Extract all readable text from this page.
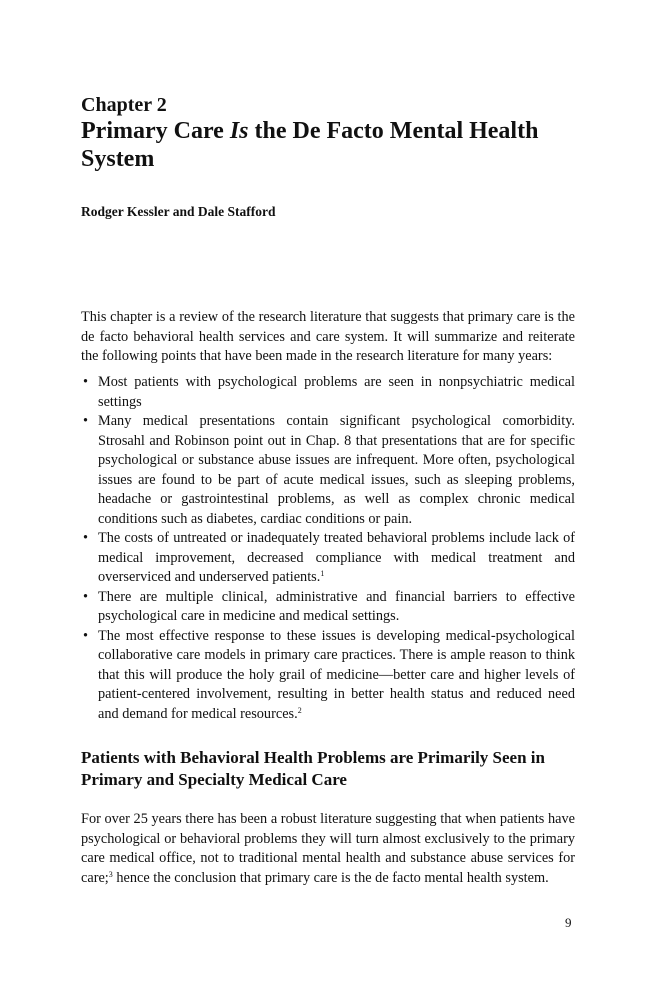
Chapter 2
Primary Care Is the De Facto Mental Health System

Rodger Kessler and Dale Stafford

This chapter is a review of the research literature that suggests that primary care is the de facto behavioral health services and care system. It will summarize and reiterate the following points that have been made in the research literature for many years:

• Most patients with psychological problems are seen in nonpsychiatric medical settings
• Many medical presentations contain significant psychological comorbidity. Strosahl and Robinson point out in Chap. 8 that presentations that are for specific psychological or substance abuse issues are infrequent. More often, psychological issues are found to be part of acute medical issues, such as sleeping problems, headache or gastrointestinal problems, as well as complex chronic medical conditions such as diabetes, cardiac conditions or pain.
• The costs of untreated or inadequately treated behavioral problems include lack of medical improvement, decreased compliance with medical treatment and overserviced and underserved patients.$^1$
• There are multiple clinical, administrative and financial barriers to effective psychological care in medicine and medical settings.
• The most effective response to these issues is developing medical-psychological collaborative care models in primary care practices. There is ample reason to think that this will produce the holy grail of medicine—better care and higher levels of patient-centered involvement, resulting in better health status and reduced need and demand for medical resources.$^2$
Patients with Behavioral Health Problems are Primarily Seen in Primary and Specialty Medical Care

For over 25 years there has been a robust literature suggesting that when patients have psychological or behavioral problems they will turn almost exclusively to the primary care medical office, not to traditional mental health and substance abuse services for care;$^3$ hence the conclusion that primary care is the de facto mental health system.

9
